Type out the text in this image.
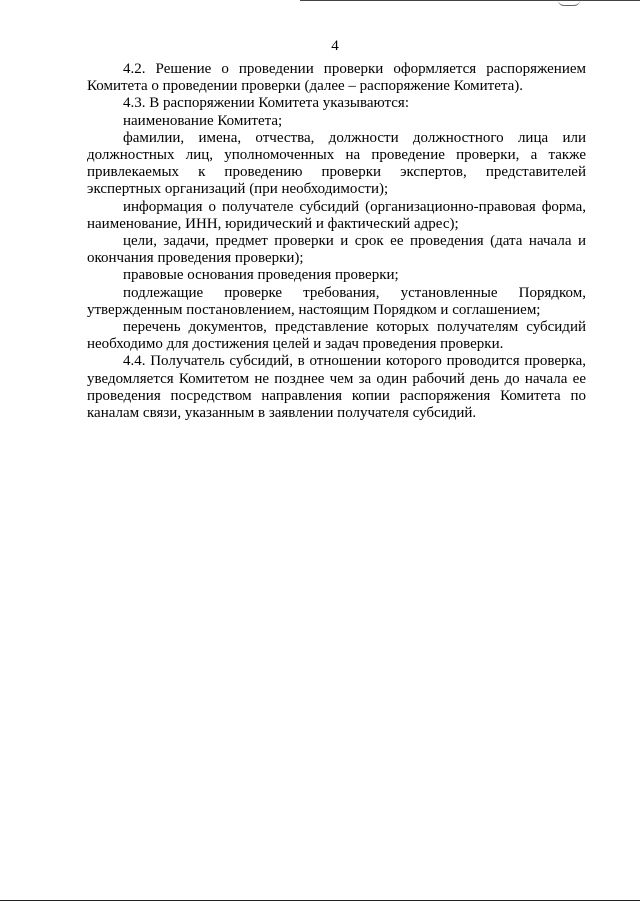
4

4.2. Решение о проведении проверки оформляется распоряжением Комитета о проведении проверки (далее – распоряжение Комитета).

4.3. В распоряжении Комитета указываются:

наименование Комитета;

фамилии, имена, отчества, должности должностного лица или должностных лиц, уполномоченных на проведение проверки, а также привлекаемых к проведению проверки экспертов, представителей экспертных организаций (при необходимости);

информация о получателе субсидий (организационно-правовая форма, наименование, ИНН, юридический и фактический адрес);

цели, задачи, предмет проверки и срок ее проведения (дата начала и окончания проведения проверки);

правовые основания проведения проверки;

подлежащие проверке требования, установленные Порядком, утвержденным постановлением, настоящим Порядком и соглашением;

перечень документов, представление которых получателям субсидий необходимо для достижения целей и задач проведения проверки.

4.4. Получатель субсидий, в отношении которого проводится проверка, уведомляется Комитетом не позднее чем за один рабочий день до начала ее проведения посредством направления копии распоряжения Комитета по каналам связи, указанным в заявлении получателя субсидий.
